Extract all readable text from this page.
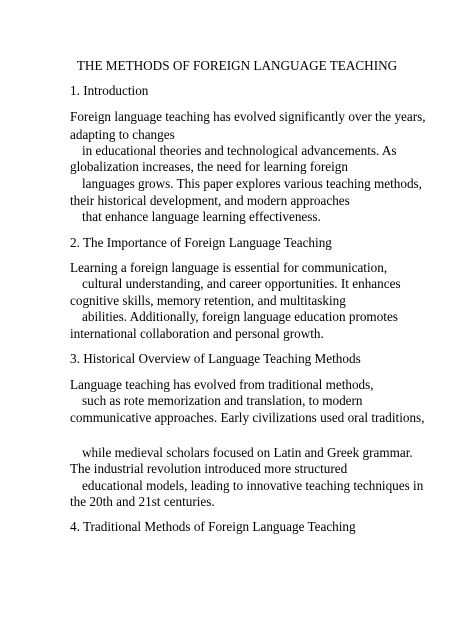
THE METHODS OF FOREIGN LANGUAGE TEACHING
1. Introduction
Foreign language teaching has evolved significantly over the years,
adapting to changes
in educational theories and technological advancements. As
globalization increases, the need for learning foreign
languages grows. This paper explores various teaching methods,
their historical development, and modern approaches
that enhance language learning effectiveness.
2. The Importance of Foreign Language Teaching
Learning a foreign language is essential for communication,
cultural understanding, and career opportunities. It enhances
cognitive skills, memory retention, and multitasking
abilities. Additionally, foreign language education promotes
international collaboration and personal growth.
3. Historical Overview of Language Teaching Methods
Language teaching has evolved from traditional methods,
such as rote memorization and translation, to modern
communicative approaches. Early civilizations used oral traditions,
while medieval scholars focused on Latin and Greek grammar.
The industrial revolution introduced more structured
educational models, leading to innovative teaching techniques in
the 20th and 21st centuries.
4. Traditional Methods of Foreign Language Teaching
